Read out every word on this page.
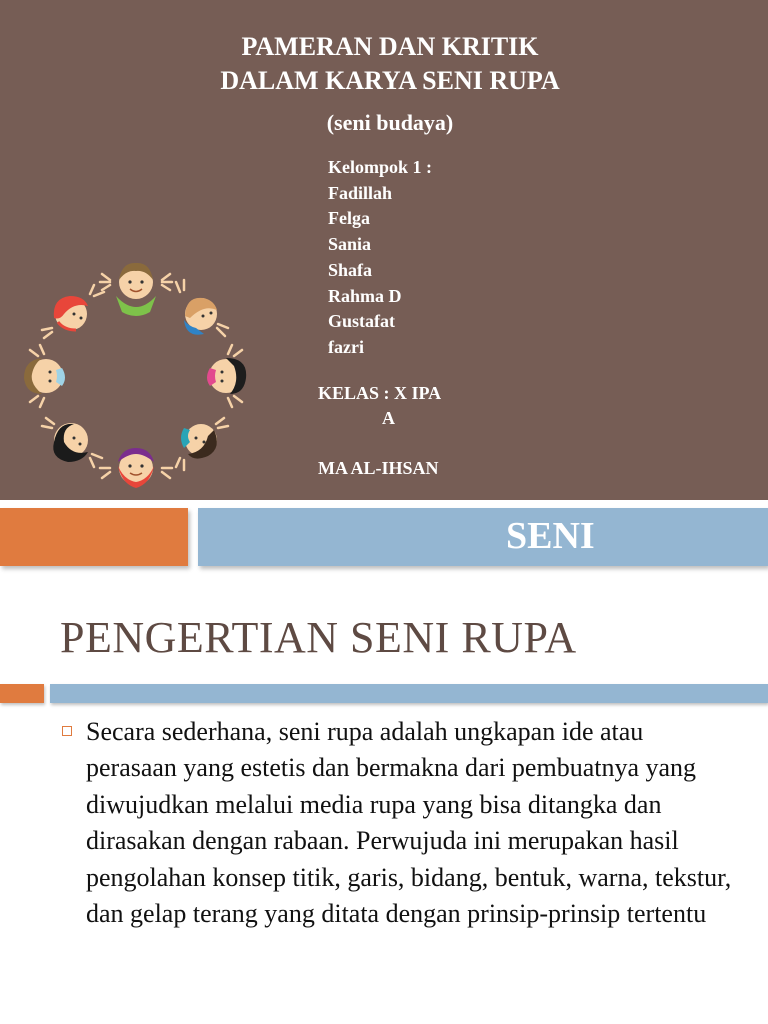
PAMERAN DAN KRITIK
DALAM KARYA SENI RUPA
(seni budaya)
Kelompok 1 :
Fadillah
Felga
Sania
Shafa
Rahma D
Gustafat
fazri
KELAS : X IPA
A
MA AL-IHSAN
SENI
PENGERTIAN SENI RUPA
Secara sederhana, seni rupa adalah ungkapan ide atau perasaan yang estetis dan bermakna dari pembuatnya yang diwujudkan melalui media rupa yang bisa ditangka dan dirasakan dengan rabaan. Perwujuda ini merupakan hasil pengolahan konsep titik, garis, bidang, bentuk, warna, tekstur, dan gelap terang yang ditata dengan prinsip-prinsip tertentu
